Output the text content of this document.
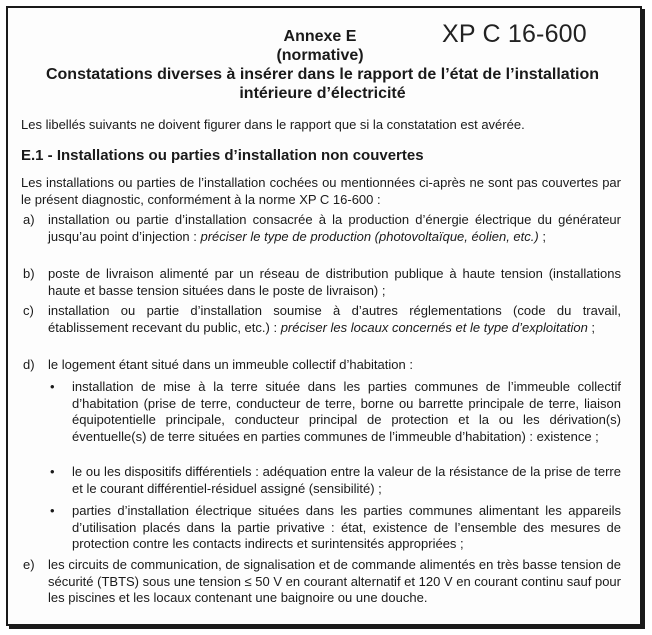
Annexe E
(normative)
XP C 16-600
Constatations diverses à insérer dans le rapport de l’état de l’installation intérieure d’électricité
Les libellés suivants ne doivent figurer dans le rapport que si la constatation est avérée.
E.1 - Installations ou parties d’installation non couvertes
Les installations ou parties de l’installation cochées ou mentionnées ci-après ne sont pas couvertes par le présent diagnostic, conformément à la norme XP C 16-600 :
a) installation ou partie d’installation consacrée à la production d’énergie électrique du générateur jusqu’au point d’injection : préciser le type de production (photovoltaïque, éolien, etc.) ;
b) poste de livraison alimenté par un réseau de distribution publique à haute tension (installations haute et basse tension situées dans le poste de livraison) ;
c) installation ou partie d’installation soumise à d’autres réglementations (code du travail, établissement recevant du public, etc.) : préciser les locaux concernés et le type d’exploitation ;
d) le logement étant situé dans un immeuble collectif d’habitation :
• installation de mise à la terre située dans les parties communes de l’immeuble collectif d’habitation (prise de terre, conducteur de terre, borne ou barrette principale de terre, liaison équipotentielle principale, conducteur principal de protection et la ou les dérivation(s) éventuelle(s) de terre situées en parties communes de l’immeuble d’habitation) : existence ;
• le ou les dispositifs différentiels : adéquation entre la valeur de la résistance de la prise de terre et le courant différentiel-résiduel assigné (sensibilité) ;
• parties d’installation électrique situées dans les parties communes alimentant les appareils d’utilisation placés dans la partie privative : état, existence de l’ensemble des mesures de protection contre les contacts indirects et surintensités appropriées ;
e) les circuits de communication, de signalisation et de commande alimentés en très basse tension de sécurité (TBTS) sous une tension ≤ 50 V en courant alternatif et 120 V en courant continu sauf pour les piscines et les locaux contenant une baignoire ou une douche.
